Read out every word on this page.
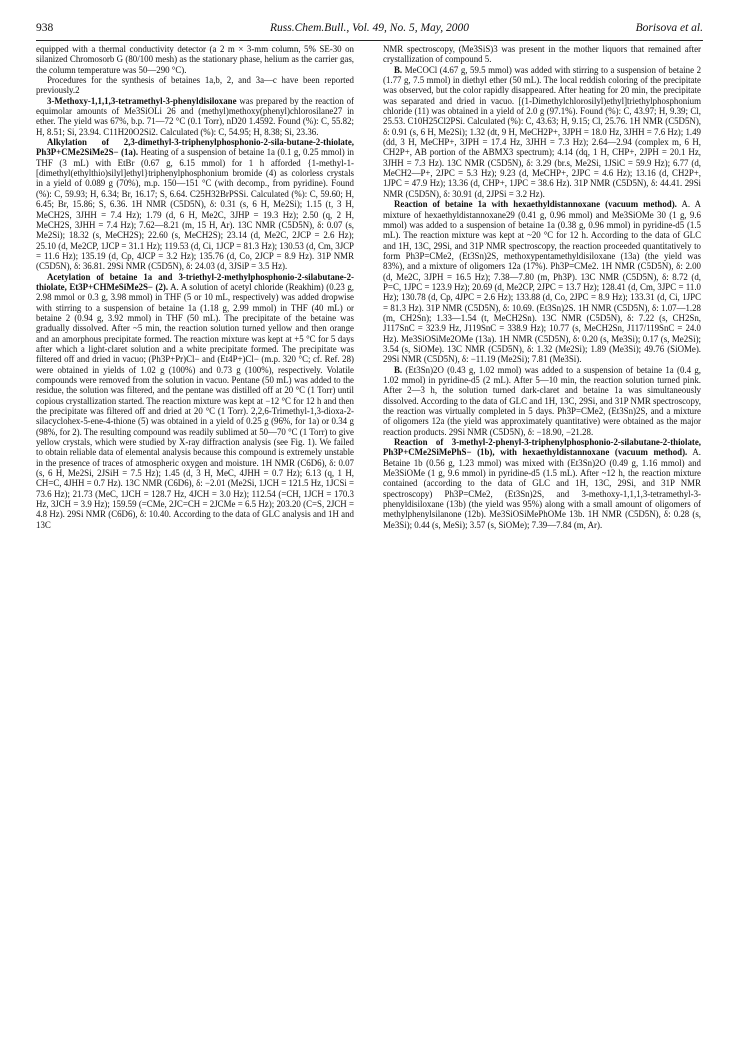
938	Russ.Chem.Bull., Vol. 49, No. 5, May, 2000	Borisova et al.

equipped with a thermal conductivity detector (a 2 m × 3-mm column, 5% SE-30 on silanized Chromosorb G (80/100 mesh) as the stationary phase, helium as the carrier gas, the column temperature was 50—290 °C).

Procedures for the synthesis of betaines 1a,b, 2, and 3a—c have been reported previously.2

3-Methoxy-1,1,1,3-tetramethyl-3-phenyldisiloxane was prepared by the reaction of equimolar amounts of Me3SiOLi 26 and (methyl)methoxy(phenyl)chlorosilane27 in ether. The yield was 67%, b.p. 71—72 °C (0.1 Torr), nD20 1.4592. Found (%): C, 55.82; H, 8.51; Si, 23.94. C11H20O2Si2. Calculated (%): C, 54.95; H, 8.38; Si, 23.36.

Alkylation of 2,3-dimethyl-3-triphenylphosphonio-2-sila-butane-2-thiolate, Ph3P+CMe2SiMe2S− (1a). Heating of a suspension of betaine 1a (0.1 g, 0.25 mmol) in THF (3 mL) with EtBr (0.67 g, 6.15 mmol) for 1 h afforded {1-methyl-1-[dimethyl(ethylthio)silyl]ethyl}triphenylphosphonium bromide (4) as colorless crystals in a yield of 0.089 g (70%), m.p. 150—151 °C (with decomp., from pyridine). Found (%): C, 59.93; H, 6.34; Br, 16.17; S, 6.64. C25H32BrPSSi. Calculated (%): C, 59.60; H, 6.45; Br, 15.86; S, 6.36. 1H NMR (C5D5N), δ: 0.31 (s, 6 H, Me2Si); 1.15 (t, 3 H, MeCH2S, 3JHH = 7.4 Hz); 1.79 (d, 6 H, Me2C, 3JHP = 19.3 Hz); 2.50 (q, 2 H, MeCH2S, 3JHH = 7.4 Hz); 7.62—8.21 (m, 15 H, Ar). 13C NMR (C5D5N), δ: 0.07 (s, Me2Si); 18.32 (s, MeCH2S); 22.60 (s, MeCH2S); 23.14 (d, Me2C, 2JCP = 2.6 Hz); 25.10 (d, Me2CP, 1JCP = 31.1 Hz); 119.53 (d, Ci, 1JCP = 81.3 Hz); 130.53 (d, Cm, 3JCP = 11.6 Hz); 135.19 (d, Cp, 4JCP = 3.2 Hz); 135.76 (d, Co, 2JCP = 8.9 Hz). 31P NMR (C5D5N), δ: 36.81. 29Si NMR (C5D5N), δ: 24.03 (d, 3JSiP = 3.5 Hz).

Acetylation of betaine 1a and 3-triethyl-2-methylphosphonio-2-silabutane-2-thiolate, Et3P+CHMeSiMe2S− (2). A. A solution of acetyl chloride (Reakhim) (0.23 g, 2.98 mmol or 0.3 g, 3.98 mmol) in THF (5 or 10 mL, respectively) was added dropwise with stirring to a suspension of betaine 1a (1.18 g, 2.99 mmol) in THF (40 mL) or betaine 2 (0.94 g, 3.92 mmol) in THF (50 mL). The precipitate of the betaine was gradually dissolved. After ~5 min, the reaction solution turned yellow and then orange and an amorphous precipitate formed. The reaction mixture was kept at +5 °C for 5 days after which a light-claret solution and a white precipitate formed. The precipitate was filtered off and dried in vacuo; (Ph3P+Pr)Cl− and (Et4P+)Cl− (m.p. 320 °C; cf. Ref. 28) were obtained in yields of 1.02 g (100%) and 0.73 g (100%), respectively. Volatile compounds were removed from the solution in vacuo. Pentane (50 mL) was added to the residue, the solution was filtered, and the pentane was distilled off at 20 °C (1 Torr) until copious crystallization started. The reaction mixture was kept at −12 °C for 12 h and then the precipitate was filtered off and dried at 20 °C (1 Torr). 2,2,6-Trimethyl-1,3-dioxa-2-silacyclohex-5-ene-4-thione (5) was obtained in a yield of 0.25 g (96%, for 1a) or 0.34 g (98%, for 2). The resulting compound was readily sublimed at 50—70 °C (1 Torr) to give yellow crystals, which were studied by X-ray diffraction analysis (see Fig. 1). We failed to obtain reliable data of elemental analysis because this compound is extremely unstable in the presence of traces of atmospheric oxygen and moisture. 1H NMR (C6D6), δ: 0.07 (s, 6 H, Me2Si, 2JSiH = 7.5 Hz); 1.45 (d, 3 H, MeC, 4JHH = 0.7 Hz); 6.13 (q, 1 H, CH=C, 4JHH = 0.7 Hz). 13C NMR (C6D6), δ: −2.01 (Me2Si, 1JCH = 121.5 Hz, 1JCSi = 73.6 Hz); 21.73 (MeC, 1JCH = 128.7 Hz, 4JCH = 3.0 Hz); 112.54 (=CH, 1JCH = 170.3 Hz, 3JCH = 3.9 Hz); 159.59 (=CMe, 2JC=CH = 2JCMe = 6.5 Hz); 203.20 (C=S, 2JCH = 4.8 Hz). 29Si NMR (C6D6), δ: 10.40. According to the data of GLC analysis and 1H and 13C

NMR spectroscopy, (Me3SiS)3 was present in the mother liquors that remained after crystallization of compound 5.

B. MeCOCl (4.67 g, 59.5 mmol) was added with stirring to a suspension of betaine 2 (1.77 g, 7.5 mmol) in diethyl ether (50 mL). The local reddish coloring of the precipitate was observed, but the color rapidly disappeared. After heating for 20 min, the precipitate was separated and dried in vacuo. [(1-Dimethylchlorosilyl)ethyl]triethylphosphonium chloride (11) was obtained in a yield of 2.0 g (97.1%). Found (%): C, 43.97; H, 9.39; Cl, 25.53. C10H25Cl2PSi. Calculated (%): C, 43.63; H, 9.15; Cl, 25.76. 1H NMR (C5D5N), δ: 0.91 (s, 6 H, Me2Si); 1.32 (dt, 9 H, MeCH2P+, 3JPH = 18.0 Hz, 3JHH = 7.6 Hz); 1.49 (dd, 3 H, MeCHP+, 3JPH = 17.4 Hz, 3JHH = 7.3 Hz); 2.64—2.94 (complex m, 6 H, CH2P+, AB portion of the ABMX3 spectrum); 4.14 (dq, 1 H, CHP+, 2JPH = 20.1 Hz, 3JHH = 7.3 Hz). 13C NMR (C5D5N), δ: 3.29 (br.s, Me2Si, 1JSiC = 59.9 Hz); 6.77 (d, MeCH2—P+, 2JPC = 5.3 Hz); 9.23 (d, MeCHP+, 2JPC = 4.6 Hz); 13.16 (d, CH2P+, 1JPC = 47.9 Hz); 13.36 (d, CHP+, 1JPC = 38.6 Hz). 31P NMR (C5D5N), δ: 44.41. 29Si NMR (C5D5N), δ: 30.91 (d, 2JPSi = 3.2 Hz).

Reaction of betaine 1a with hexaethyldistannoxane (vacuum method). A. A mixture of hexaethyldistannoxane29 (0.41 g, 0.96 mmol) and Me3SiOMe 30 (1 g, 9.6 mmol) was added to a suspension of betaine 1a (0.38 g, 0.96 mmol) in pyridine-d5 (1.5 mL). The reaction mixture was kept at ~20 °C for 12 h. According to the data of GLC and 1H, 13C, 29Si, and 31P NMR spectroscopy, the reaction proceeded quantitatively to form Ph3P=CMe2, (Et3Sn)2S, methoxypentamethyldisiloxane (13a) (the yield was 83%), and a mixture of oligomers 12a (17%). Ph3P=CMe2. 1H NMR (C5D5N), δ: 2.00 (d, Me2C, 3JPH = 16.5 Hz); 7.38—7.80 (m, Ph3P). 13C NMR (C5D5N), δ: 8.72 (d, P=C, 1JPC = 123.9 Hz); 20.69 (d, Me2CP, 2JPC = 13.7 Hz); 128.41 (d, Cm, 3JPC = 11.0 Hz); 130.78 (d, Cp, 4JPC = 2.6 Hz); 133.88 (d, Co, 2JPC = 8.9 Hz); 133.31 (d, Ci, 1JPC = 81.3 Hz). 31P NMR (C5D5N), δ: 10.69. (Et3Sn)2S. 1H NMR (C5D5N), δ: 1.07—1.28 (m, CH2Sn); 1.33—1.54 (t, MeCH2Sn). 13C NMR (C5D5N), δ: 7.22 (s, CH2Sn, J117SnC = 323.9 Hz, J119SnC = 338.9 Hz); 10.77 (s, MeCH2Sn, J117/119SnC = 24.0 Hz). Me3SiOSiMe2OMe (13a). 1H NMR (C5D5N), δ: 0.20 (s, Me3Si); 0.17 (s, Me2Si); 3.54 (s, SiOMe). 13C NMR (C5D5N), δ: 1.32 (Me2Si); 1.89 (Me3Si); 49.76 (SiOMe). 29Si NMR (C5D5N), δ: −11.19 (Me2Si); 7.81 (Me3Si).

B. (Et3Sn)2O (0.43 g, 1.02 mmol) was added to a suspension of betaine 1a (0.4 g, 1.02 mmol) in pyridine-d5 (2 mL). After 5—10 min, the reaction solution turned pink. After 2—3 h, the solution turned dark-claret and betaine 1a was simultaneously dissolved. According to the data of GLC and 1H, 13C, 29Si, and 31P NMR spectroscopy, the reaction was virtually completed in 5 days. Ph3P=CMe2, (Et3Sn)2S, and a mixture of oligomers 12a (the yield was approximately quantitative) were obtained as the major reaction products. 29Si NMR (C5D5N), δ: −18.90, −21.28.

Reaction of 3-methyl-2-phenyl-3-triphenylphosphonio-2-silabutane-2-thiolate, Ph3P+CMe2SiMePhS− (1b), with hexaethyldistannoxane (vacuum method). A. Betaine 1b (0.56 g, 1.23 mmol) was mixed with (Et3Sn)2O (0.49 g, 1.16 mmol) and Me3SiOMe (1 g, 9.6 mmol) in pyridine-d5 (1.5 mL). After ~12 h, the reaction mixture contained (according to the data of GLC and 1H, 13C, 29Si, and 31P NMR spectroscopy) Ph3P=CMe2, (Et3Sn)2S, and 3-methoxy-1,1,1,3-tetramethyl-3-phenyldisiloxane (13b) (the yield was 95%) along with a small amount of oligomers of methylphenylsilanone (12b). Me3SiOSiMePhOMe 13b. 1H NMR (C5D5N), δ: 0.28 (s, Me3Si); 0.44 (s, MeSi); 3.57 (s, SiOMe); 7.39—7.84 (m, Ar).
